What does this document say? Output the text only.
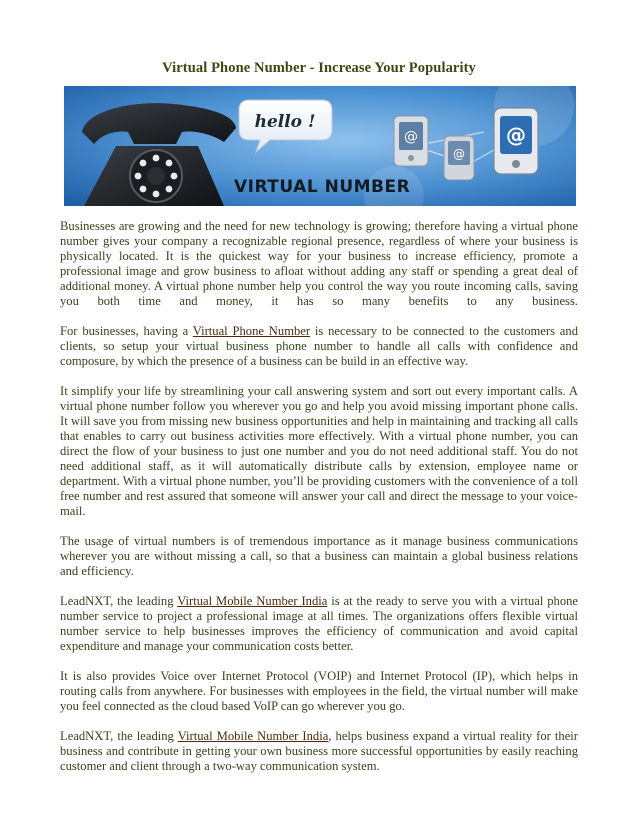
Virtual Phone Number - Increase Your Popularity
hello !
@
@
@
VIRTUAL NUMBER

Businesses are growing and the need for new technology is growing; therefore having a virtual phone number gives your company a recognizable regional presence, regardless of where your business is physically located. It is the quickest way for your business to increase efficiency, promote a professional image and grow business to afloat without adding any staff or spending a great deal of additional money. A virtual phone number help you control the way you route incoming calls, saving you both time and money, it has so many benefits to any business.

For businesses, having a Virtual Phone Number is necessary to be connected to the customers and clients, so setup your virtual business phone number to handle all calls with confidence and composure, by which the presence of a business can be build in an effective way.

It simplify your life by streamlining your call answering system and sort out every important calls. A virtual phone number follow you wherever you go and help you avoid missing important phone calls. It will save you from missing new business opportunities and help in maintaining and tracking all calls that enables to carry out business activities more effectively. With a virtual phone number, you can direct the flow of your business to just one number and you do not need additional staff. You do not need additional staff, as it will automatically distribute calls by extension, employee name or department. With a virtual phone number, you’ll be providing customers with the convenience of a toll free number and rest assured that someone will answer your call and direct the message to your voice-mail.

The usage of virtual numbers is of tremendous importance as it manage business communications wherever you are without missing a call, so that a business can maintain a global business relations and efficiency.

LeadNXT, the leading Virtual Mobile Number India is at the ready to serve you with a virtual phone number service to project a professional image at all times. The organizations offers flexible virtual number service to help businesses improves the efficiency of communication and avoid capital expenditure and manage your communication costs better.

It is also provides Voice over Internet Protocol (VOIP) and Internet Protocol (IP), which helps in routing calls from anywhere. For businesses with employees in the field, the virtual number will make you feel connected as the cloud based VoIP can go wherever you go.

LeadNXT, the leading Virtual Mobile Number India, helps business expand a virtual reality for their business and contribute in getting your own business more successful opportunities by easily reaching customer and client through a two-way communication system.
